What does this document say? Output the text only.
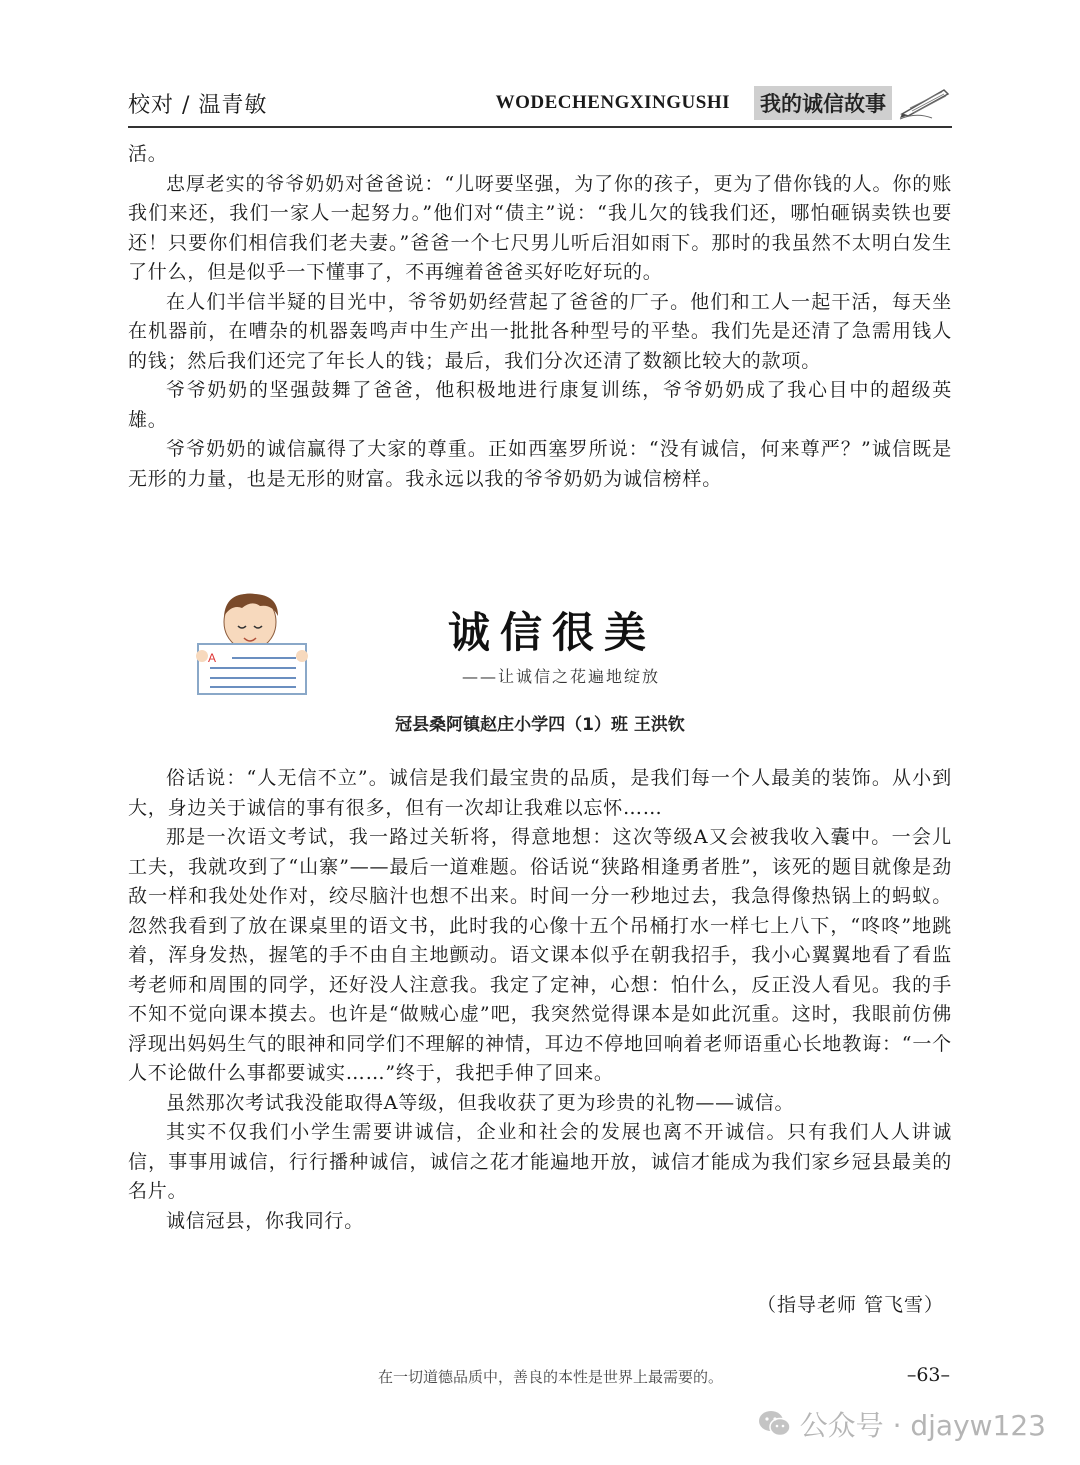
校对 / 温青敏	WODECHENGXINGUSHI 我的诚信故事

活。

忠厚老实的爷爷奶奶对爸爸说：“儿呀要坚强，为了你的孩子，更为了借你钱的人。你的账我们来还，我们一家人一起努力。”他们对“债主”说：“我儿欠的钱我们还，哪怕砸锅卖铁也要还！只要你们相信我们老夫妻。”爸爸一个七尺男儿听后泪如雨下。那时的我虽然不太明白发生了什么，但是似乎一下懂事了，不再缠着爸爸买好吃好玩的。

在人们半信半疑的目光中，爷爷奶奶经营起了爸爸的厂子。他们和工人一起干活，每天坐在机器前，在嘈杂的机器轰鸣声中生产出一批批各种型号的平垫。我们先是还清了急需用钱人的钱；然后我们还完了年长人的钱；最后，我们分次还清了数额比较大的款项。

爷爷奶奶的坚强鼓舞了爸爸，他积极地进行康复训练，爷爷奶奶成了我心目中的超级英雄。

爷爷奶奶的诚信赢得了大家的尊重。正如西塞罗所说：“没有诚信，何来尊严？”诚信既是无形的力量，也是无形的财富。我永远以我的爷爷奶奶为诚信榜样。

A
诚信很美
——让诚信之花遍地绽放
冠县桑阿镇赵庄小学四（1）班 王洪钦

俗话说：“人无信不立”。诚信是我们最宝贵的品质，是我们每一个人最美的装饰。从小到大，身边关于诚信的事有很多，但有一次却让我难以忘怀……

那是一次语文考试，我一路过关斩将，得意地想：这次等级A又会被我收入囊中。一会儿工夫，我就攻到了“山寨”——最后一道难题。俗话说“狭路相逢勇者胜”，该死的题目就像是劲敌一样和我处处作对，绞尽脑汁也想不出来。时间一分一秒地过去，我急得像热锅上的蚂蚁。忽然我看到了放在课桌里的语文书，此时我的心像十五个吊桶打水一样七上八下，“咚咚”地跳着，浑身发热，握笔的手不由自主地颤动。语文课本似乎在朝我招手，我小心翼翼地看了看监考老师和周围的同学，还好没人注意我。我定了定神，心想：怕什么，反正没人看见。我的手不知不觉向课本摸去。也许是“做贼心虚”吧，我突然觉得课本是如此沉重。这时，我眼前仿佛浮现出妈妈生气的眼神和同学们不理解的神情，耳边不停地回响着老师语重心长地教诲：“一个人不论做什么事都要诚实……”终于，我把手伸了回来。

虽然那次考试我没能取得A等级，但我收获了更为珍贵的礼物——诚信。

其实不仅我们小学生需要讲诚信，企业和社会的发展也离不开诚信。只有我们人人讲诚信，事事用诚信，行行播种诚信，诚信之花才能遍地开放，诚信才能成为我们家乡冠县最美的名片。

诚信冠县，你我同行。

（指导老师 管飞雪）
在一切道德品质中，善良的本性是世界上最需要的。	–63–
公众号 · djayw123
